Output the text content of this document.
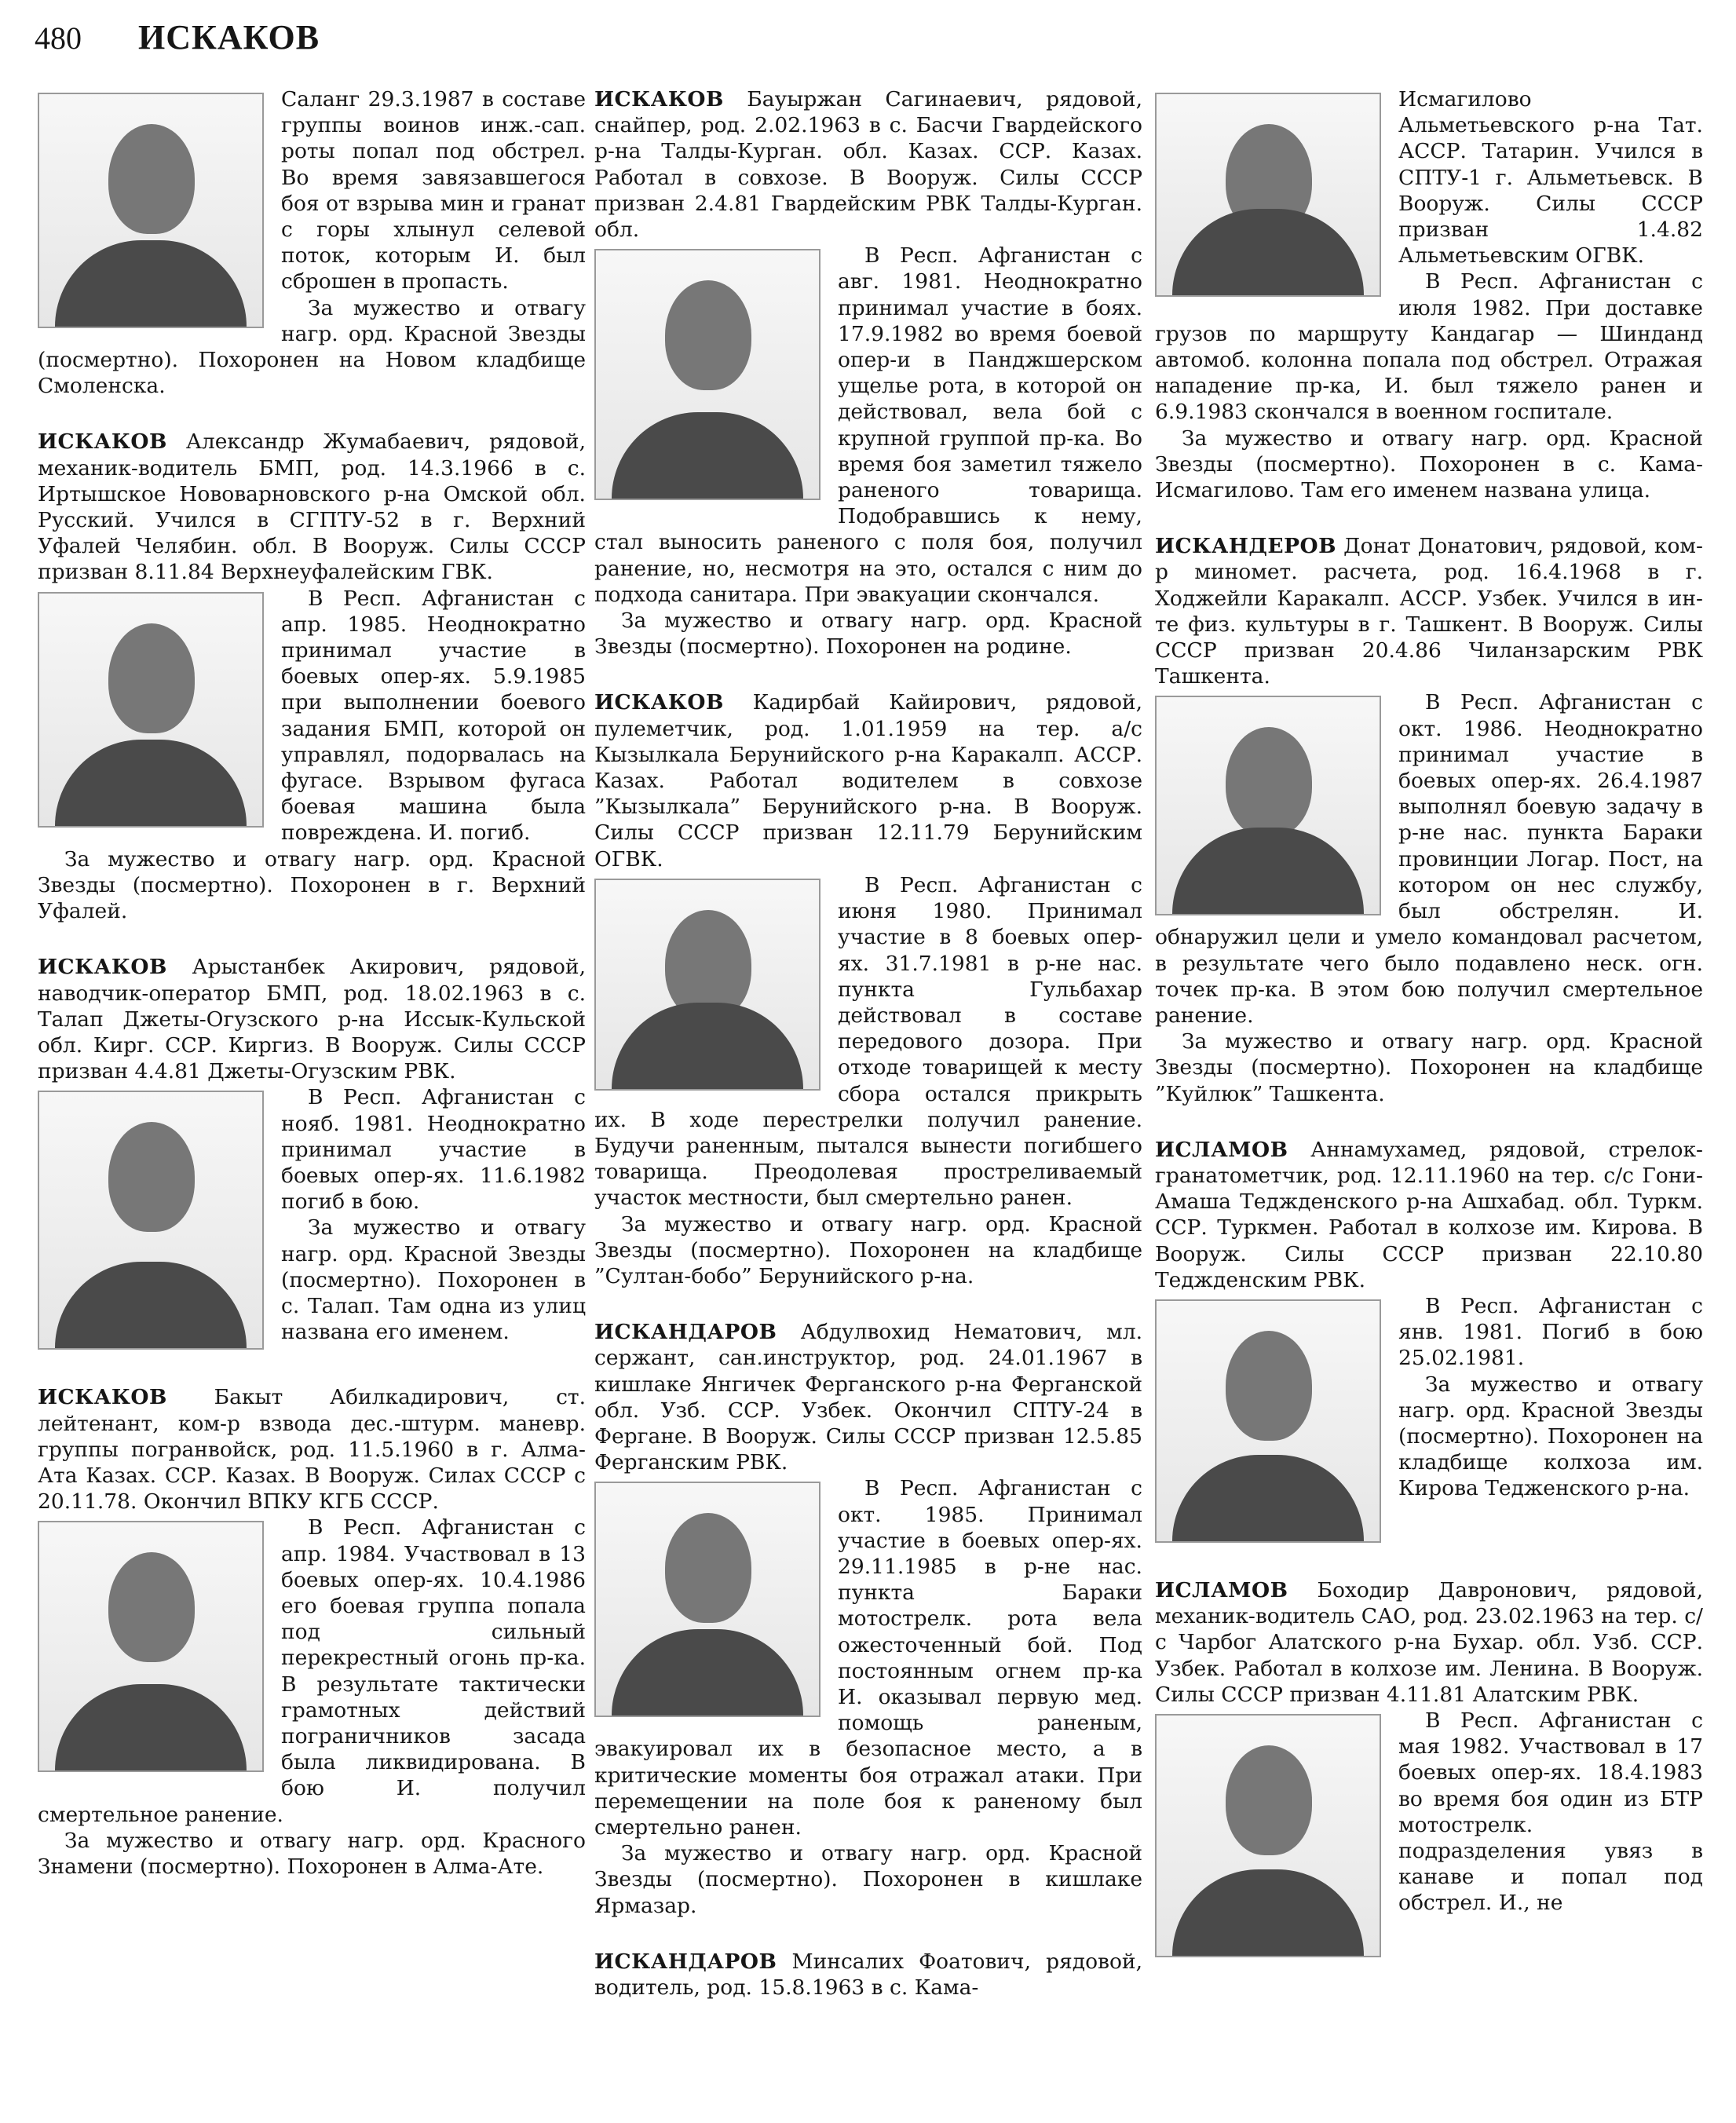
480 ИСКАКОВ

Саланг 29.3.1987 в составе группы воинов инж.-сап. роты попал под обстрел. Во время завязавшегося боя от взрыва мин и гранат с горы хлынул селевой поток, которым И. был сброшен в пропасть.

За мужество и отвагу нагр. орд. Красной Звезды (посмертно). Похоронен на Новом кладбище Смоленска.

ИСКАКОВ Александр Жумабаевич, рядовой, механик-водитель БМП, род. 14.3.1966 в с. Иртышское Нововарновского р-на Омской обл. Русский. Учился в СГПТУ-52 в г. Верхний Уфалей Челябин. обл. В Вооруж. Силы СССР призван 8.11.84 Верхнеуфалейским ГВК.

В Респ. Афганистан с апр. 1985. Неоднократно принимал участие в боевых опер-ях. 5.9.1985 при выполнении боевого задания БМП, которой он управлял, подорвалась на фугасе. Взрывом фугаса боевая машина была повреждена. И. погиб.

За мужество и отвагу нагр. орд. Красной Звезды (посмертно). Похоронен в г. Верхний Уфалей.

ИСКАКОВ Арыстанбек Акирович, рядовой, наводчик-оператор БМП, род. 18.02.1963 в с. Талап Джеты-Огузского р-на Иссык-Кульской обл. Кирг. ССР. Киргиз. В Вооруж. Силы СССР призван 4.4.81 Джеты-Огузским РВК.

В Респ. Афганистан с нояб. 1981. Неоднократно принимал участие в боевых опер-ях. 11.6.1982 погиб в бою.

За мужество и отвагу нагр. орд. Красной Звезды (посмертно). Похоронен в с. Талап. Там одна из улиц названа его именем.

ИСКАКОВ Бакыт Абилкадирович, ст. лейтенант, ком-р взвода дес.-штурм. маневр. группы погранвойск, род. 11.5.1960 в г. Алма-Ата Казах. ССР. Казах. В Вооруж. Силах СССР с 20.11.78. Окончил ВПКУ КГБ СССР.

В Респ. Афганистан с апр. 1984. Участвовал в 13 боевых опер-ях. 10.4.1986 его боевая группа попала под сильный перекрестный огонь пр-ка. В результате тактически грамотных действий пограничников засада была ликвидирована. В бою И. получил смертельное ранение.

За мужество и отвагу нагр. орд. Красного Знамени (посмертно). Похоронен в Алма-Ате.

ИСКАКОВ Бауыржан Сагинаевич, рядовой, снайпер, род. 2.02.1963 в с. Басчи Гвардейского р-на Талды-Курган. обл. Казах. ССР. Казах. Работал в совхозе. В Вооруж. Силы СССР призван 2.4.81 Гвардейским РВК Талды-Курган. обл.

В Респ. Афганистан с авг. 1981. Неоднократно принимал участие в боях. 17.9.1982 во время боевой опер-и в Панджшерском ущелье рота, в которой он действовал, вела бой с крупной группой пр-ка. Во время боя заметил тяжело раненого товарища. Подобравшись к нему, стал выносить раненого с поля боя, получил ранение, но, несмотря на это, остался с ним до подхода санитара. При эвакуации скончался.

За мужество и отвагу нагр. орд. Красной Звезды (посмертно). Похоронен на родине.

ИСКАКОВ Кадирбай Кайирович, рядовой, пулеметчик, род. 1.01.1959 на тер. а/с Кызылкала Берунийского р-на Каракалп. АССР. Казах. Работал водителем в совхозе ”Кызылкала” Берунийского р-на. В Вооруж. Силы СССР призван 12.11.79 Берунийским ОГВК.

В Респ. Афганистан с июня 1980. Принимал участие в 8 боевых опер-ях. 31.7.1981 в р-не нас. пункта Гульбахар действовал в составе передового дозора. При отходе товарищей к месту сбора остался прикрыть их. В ходе перестрелки получил ранение. Будучи раненным, пытался вынести погибшего товарища. Преодолевая простреливаемый участок местности, был смертельно ранен.

За мужество и отвагу нагр. орд. Красной Звезды (посмертно). Похоронен на кладбище ”Султан-бобо” Берунийского р-на.

ИСКАНДАРОВ Абдулвохид Нематович, мл. сержант, сан.инструктор, род. 24.01.1967 в кишлаке Янгичек Ферганского р-на Ферганской обл. Узб. ССР. Узбек. Окончил СПТУ-24 в Фергане. В Вооруж. Силы СССР призван 12.5.85 Ферганским РВК.

В Респ. Афганистан с окт. 1985. Принимал участие в боевых опер-ях. 29.11.1985 в р-не нас. пункта Бараки мотострелк. рота вела ожесточенный бой. Под постоянным огнем пр-ка И. оказывал первую мед. помощь раненым, эвакуировал их в безопасное место, а в критические моменты боя отражал атаки. При перемещении на поле боя к раненому был смертельно ранен.

За мужество и отвагу нагр. орд. Красной Звезды (посмертно). Похоронен в кишлаке Ярмазар.

ИСКАНДАРОВ Минсалих Фоатович, рядовой, водитель, род. 15.8.1963 в с. Кама-

Исмагилово Альметьевского р-на Тат. АССР. Татарин. Учился в СПТУ-1 г. Альметьевск. В Вооруж. Силы СССР призван 1.4.82 Альметьевским ОГВК.

В Респ. Афганистан с июля 1982. При доставке грузов по маршруту Кандагар — Шинданд автомоб. колонна попала под обстрел. Отражая нападение пр-ка, И. был тяжело ранен и 6.9.1983 скончался в военном госпитале.

За мужество и отвагу нагр. орд. Красной Звезды (посмертно). Похоронен в с. Кама-Исмагилово. Там его именем названа улица.

ИСКАНДЕРОВ Донат Донатович, рядовой, ком-р миномет. расчета, род. 16.4.1968 в г. Ходжейли Каракалп. АССР. Узбек. Учился в ин-те физ. культуры в г. Ташкент. В Вооруж. Силы СССР призван 20.4.86 Чиланзарским РВК Ташкента.

В Респ. Афганистан с окт. 1986. Неоднократно принимал участие в боевых опер-ях. 26.4.1987 выполнял боевую задачу в р-не нас. пункта Бараки провинции Логар. Пост, на котором он нес службу, был обстрелян. И. обнаружил цели и умело командовал расчетом, в результате чего было подавлено неск. огн. точек пр-ка. В этом бою получил смертельное ранение.

За мужество и отвагу нагр. орд. Красной Звезды (посмертно). Похоронен на кладбище ”Куйлюк” Ташкента.

ИСЛАМОВ Аннамухамед, рядовой, стрелок-гранатометчик, род. 12.11.1960 на тер. с/с Гони-Амаша Теджденского р-на Ашхабад. обл. Туркм. ССР. Туркмен. Работал в колхозе им. Кирова. В Вооруж. Силы СССР призван 22.10.80 Теджденским РВК.

В Респ. Афганистан с янв. 1981. Погиб в бою 25.02.1981.

За мужество и отвагу нагр. орд. Красной Звезды (посмертно). Похоронен на кладбище колхоза им. Кирова Тедженского р-на.

ИСЛАМОВ Боходир Давронович, рядовой, механик-водитель САО, род. 23.02.1963 на тер. с/с Чарбог Алатского р-на Бухар. обл. Узб. ССР. Узбек. Работал в колхозе им. Ленина. В Вооруж. Силы СССР призван 4.11.81 Алатским РВК.

В Респ. Афганистан с мая 1982. Участвовал в 17 боевых опер-ях. 18.4.1983 во время боя один из БТР мотострелк. подразделения увяз в канаве и попал под обстрел. И., не
